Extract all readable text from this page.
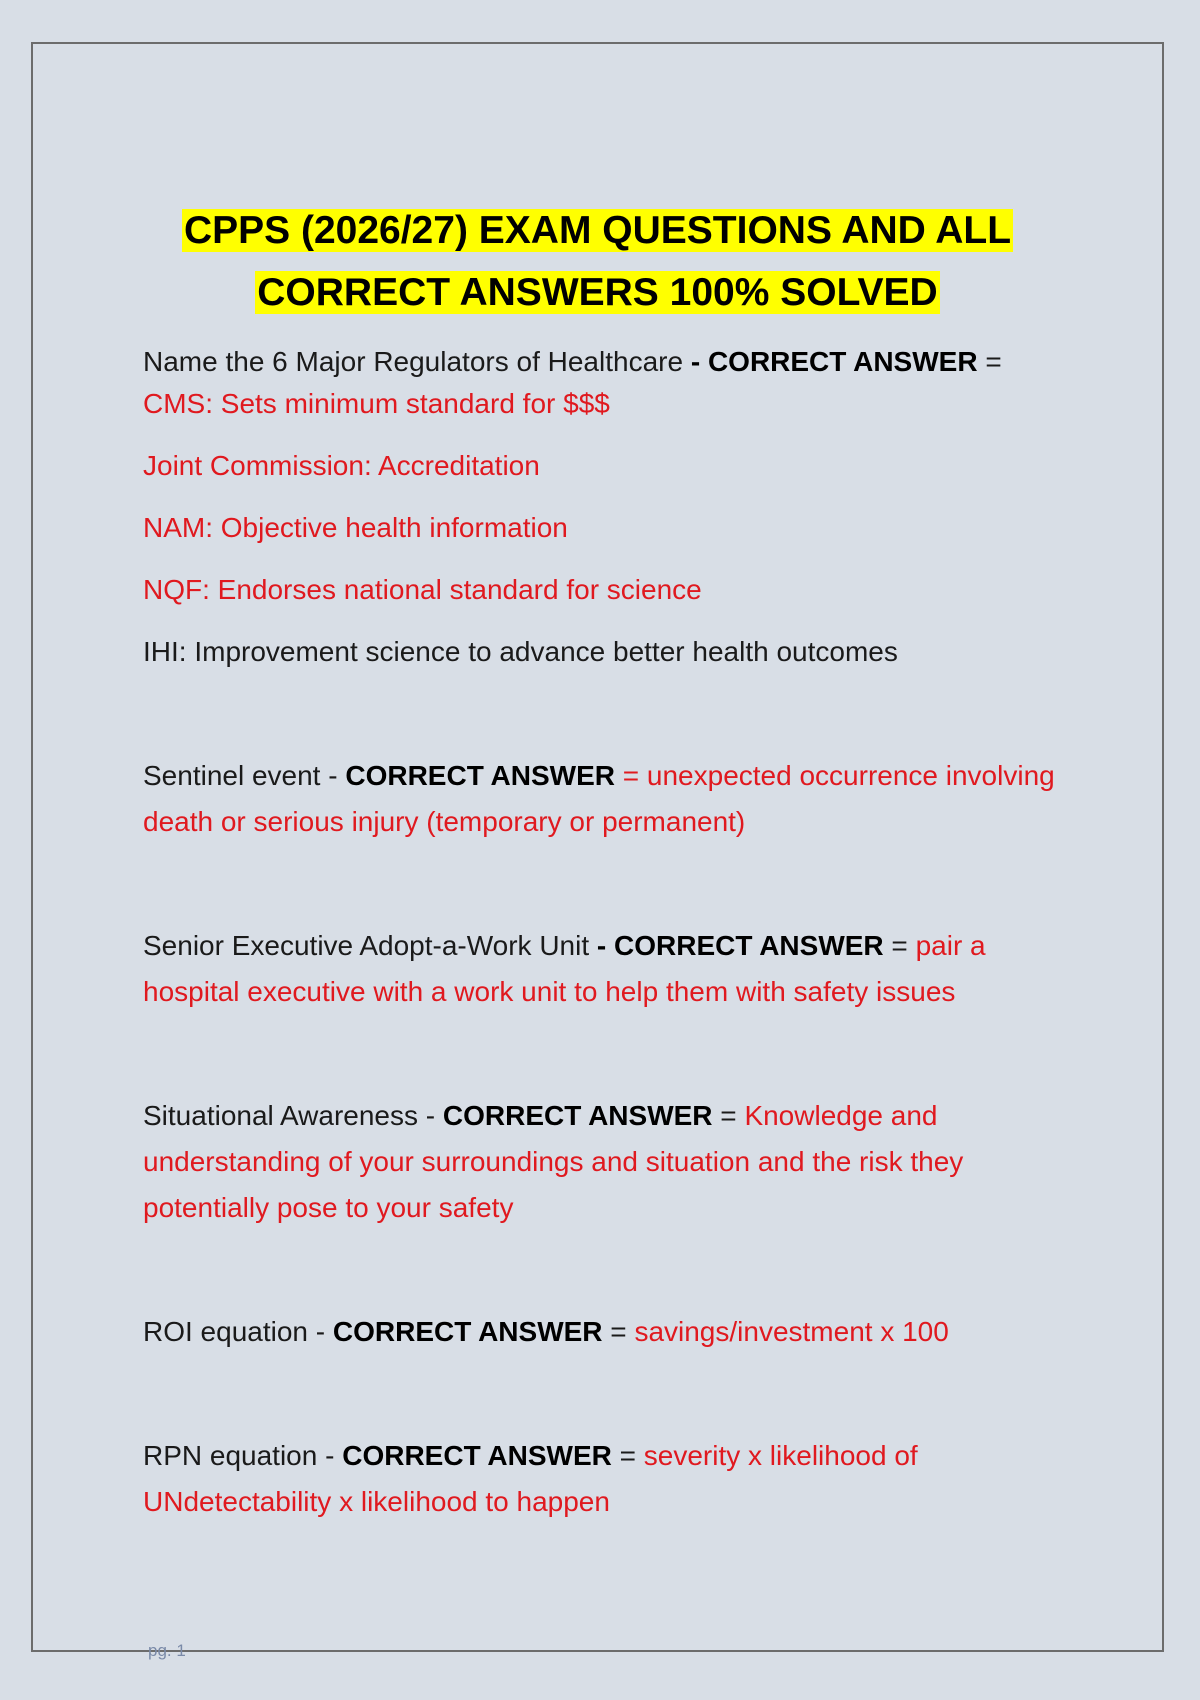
CPPS (2026/27) EXAM QUESTIONS AND ALL
CORRECT ANSWERS 100% SOLVED
Name the 6 Major Regulators of Healthcare - CORRECT ANSWER =
CMS: Sets minimum standard for $$$
Joint Commission: Accreditation
NAM: Objective health information
NQF: Endorses national standard for science
IHI: Improvement science to advance better health outcomes
Sentinel event - CORRECT ANSWER = unexpected occurrence involving
death or serious injury (temporary or permanent)
Senior Executive Adopt-a-Work Unit - CORRECT ANSWER = pair a
hospital executive with a work unit to help them with safety issues
Situational Awareness - CORRECT ANSWER = Knowledge and
understanding of your surroundings and situation and the risk they
potentially pose to your safety
ROI equation - CORRECT ANSWER = savings/investment x 100
RPN equation - CORRECT ANSWER = severity x likelihood of
UNdetectability x likelihood to happen
pg. 1
